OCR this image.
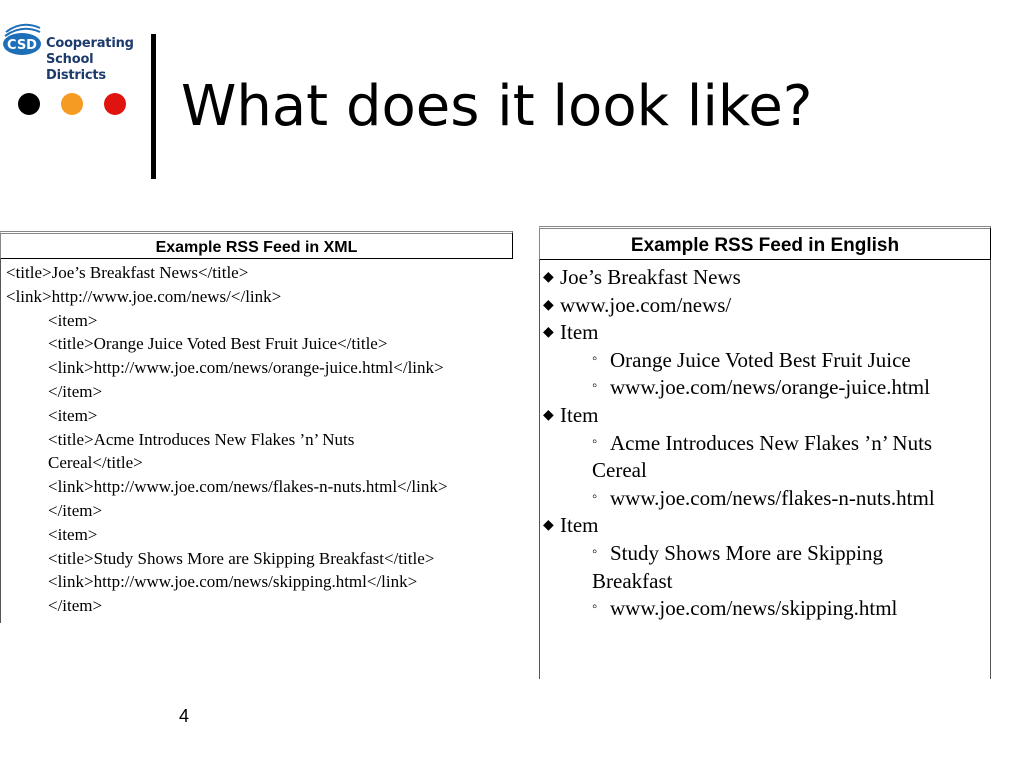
CSD Cooperating
School Districts	What does it look like?
Example RSS Feed in XML
<title>Joe’s Breakfast News</title>
<link>http://www.joe.com/news/</link>
<item>
<title>Orange Juice Voted Best Fruit Juice</title>
<link>http://www.joe.com/news/orange-juice.html</link>
</item>
<item>
<title>Acme Introduces New Flakes ’n’ Nuts
Cereal</title>
<link>http://www.joe.com/news/flakes-n-nuts.html</link>
</item>
<item>
<title>Study Shows More are Skipping Breakfast</title>
<link>http://www.joe.com/news/skipping.html</link>
</item>
Example RSS Feed in English
◆ Joe’s Breakfast News
◆ www.joe.com/news/
◆ Item
◦ Orange Juice Voted Best Fruit Juice
◦ www.joe.com/news/orange-juice.html
◆ Item
◦ Acme Introduces New Flakes ’n’ Nuts
Cereal
◦ www.joe.com/news/flakes-n-nuts.html
◆ Item
◦ Study Shows More are Skipping
Breakfast
◦ www.joe.com/news/skipping.html
4
